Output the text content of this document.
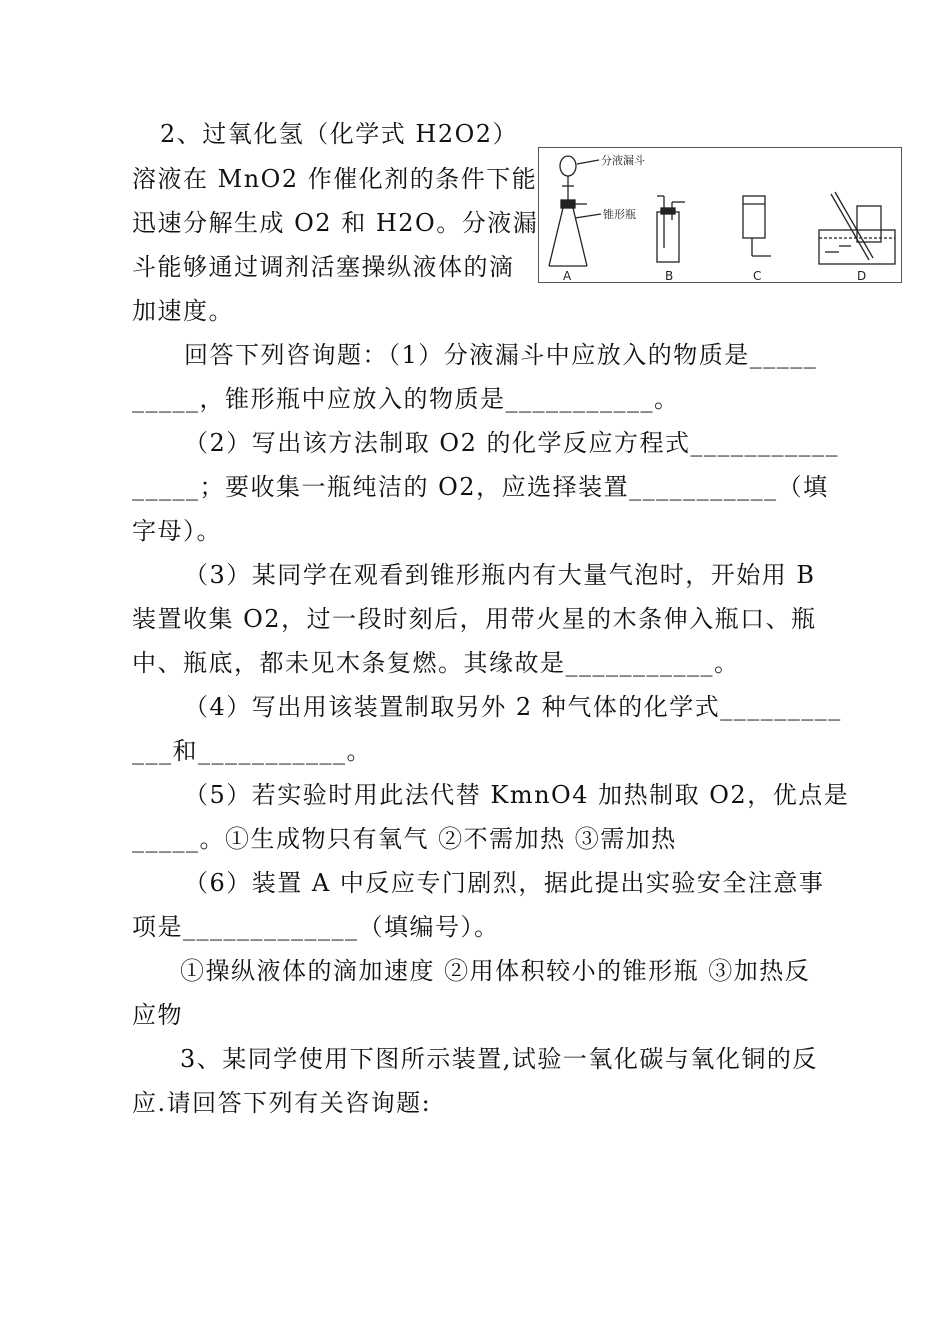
2、过氧化氢（化学式 H2O2）
溶液在 MnO2 作催化剂的条件下能
迅速分解生成 O2 和 H2O。分液漏
斗能够通过调剂活塞操纵液体的滴
加速度。
分液漏斗
锥形瓶
A	B	C	D
回答下列咨询题：（1）分液漏斗中应放入的物质是_____
_____，锥形瓶中应放入的物质是___________。
（2）写出该方法制取 O2 的化学反应方程式___________
_____；要收集一瓶纯洁的 O2，应选择装置___________（填
字母）。
（3）某同学在观看到锥形瓶内有大量气泡时，开始用 B
装置收集 O2，过一段时刻后，用带火星的木条伸入瓶口、瓶
中、瓶底，都未见木条复燃。其缘故是___________。
（4）写出用该装置制取另外 2 种气体的化学式_________
___和___________。
（5）若实验时用此法代替 KmnO4 加热制取 O2，优点是
_____。①生成物只有氧气 ②不需加热 ③需加热
（6）装置 A 中反应专门剧烈，据此提出实验安全注意事
项是_____________（填编号）。
①操纵液体的滴加速度 ②用体积较小的锥形瓶 ③加热反
应物
3、某同学使用下图所示装置,试验一氧化碳与氧化铜的反
应.请回答下列有关咨询题:
